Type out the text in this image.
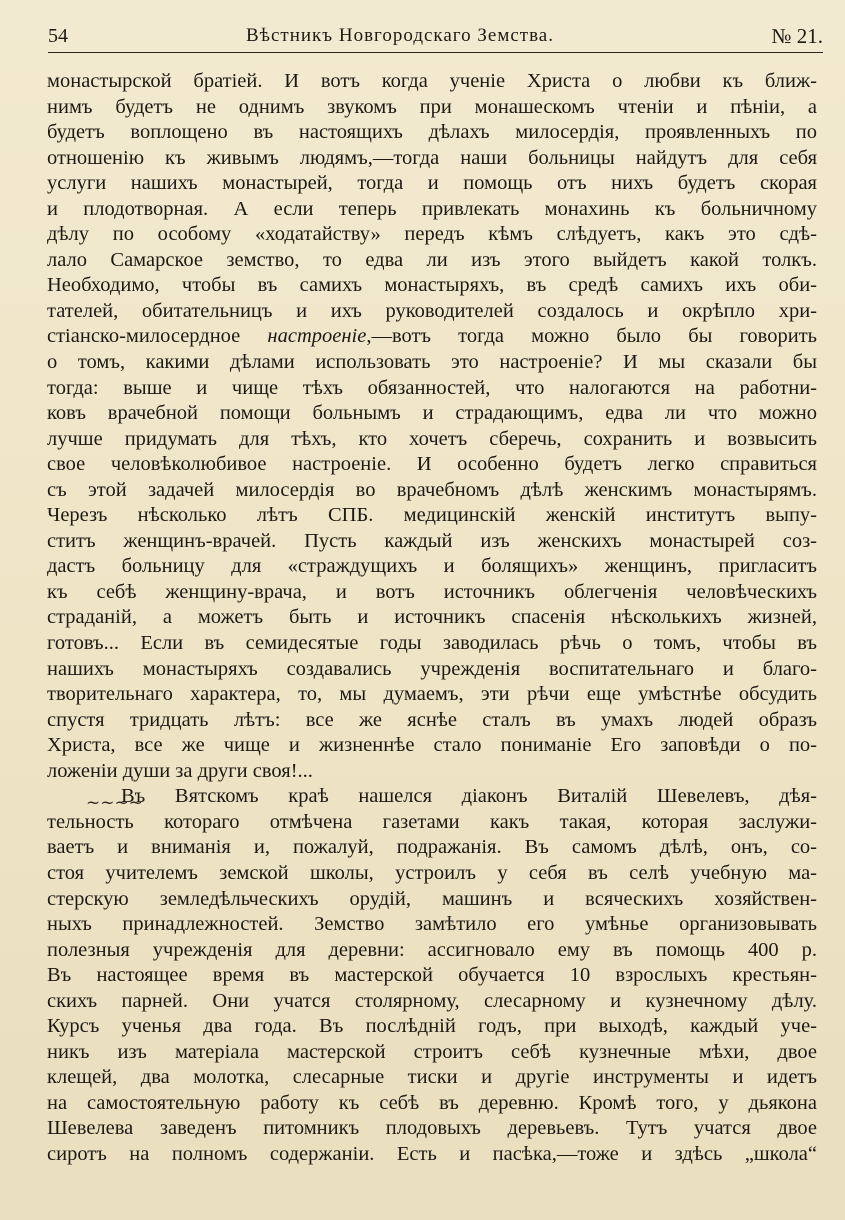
54	Вѣстникъ Новгородскаго Земства.	№ 21.
монастырской братіей. И вотъ когда ученіе Христа о любви къ ближ-
нимъ будетъ не однимъ звукомъ при монашескомъ чтеніи и пѣніи, а
будетъ воплощено въ настоящихъ дѣлахъ милосердія, проявленныхъ по
отношенію къ живымъ людямъ,—тогда наши больницы найдутъ для себя
услуги нашихъ монастырей, тогда и помощь отъ нихъ будетъ скорая
и плодотворная. А если теперь привлекать монахинь къ больничному
дѣлу по особому «ходатайству» передъ кѣмъ слѣдуетъ, какъ это сдѣ-
лало Самарское земство, то едва ли изъ этого выйдетъ какой толкъ.
Необходимо, чтобы въ самихъ монастыряхъ, въ средѣ самихъ ихъ оби-
тателей, обитательницъ и ихъ руководителей создалось и окрѣпло хри-
стіанско-милосердное настроеніе,—вотъ тогда можно было бы говорить
о томъ, какими дѣлами использовать это настроеніе? И мы сказали бы
тогда: выше и чище тѣхъ обязанностей, что налогаются на работни-
ковъ врачебной помощи больнымъ и страдающимъ, едва ли что можно
лучше придумать для тѣхъ, кто хочетъ сберечь, сохранить и возвысить
свое человѣколюбивое настроеніе. И особенно будетъ легко справиться
съ этой задачей милосердія во врачебномъ дѣлѣ женскимъ монастырямъ.
Черезъ нѣсколько лѣтъ СПБ. медицинскій женскій институтъ выпу-
ститъ женщинъ-врачей. Пусть каждый изъ женскихъ монастырей соз-
дастъ больницу для «страждущихъ и болящихъ» женщинъ, пригласитъ
къ себѣ женщину-врача, и вотъ источникъ облегченія человѣческихъ
страданій, а можетъ быть и источникъ спасенія нѣсколькихъ жизней,
готовъ... Если въ семидесятые годы заводилась рѣчь о томъ, чтобы въ
нашихъ монастыряхъ создавались учрежденія воспитательнаго и благо-
творительнаго характера, то, мы думаемъ, эти рѣчи еще умѣстнѣе обсудить
спустя тридцать лѣтъ: все же яснѣе сталъ въ умахъ людей образъ
Христа, все же чище и жизненнѣе стало пониманіе Его заповѣди о по-
ложеніи души за други своя!...
Въ Вятскомъ краѣ нашелся діаконъ Виталій Шевелевъ, дѣя-
тельность котораго отмѣчена газетами какъ такая, которая заслужи-
ваетъ и вниманія и, пожалуй, подражанія. Въ самомъ дѣлѣ, онъ, со-
стоя учителемъ земской школы, устроилъ у себя въ селѣ учебную ма-
стерскую земледѣльческихъ орудій, машинъ и всяческихъ хозяйствен-
ныхъ принадлежностей. Земство замѣтило его умѣнье организовывать
полезныя учрежденія для деревни: ассигновало ему въ помощь 400 р.
Въ настоящее время въ мастерской обучается 10 взрослыхъ крестьян-
скихъ парней. Они учатся столярному, слесарному и кузнечному дѣлу.
Курсъ ученья два года. Въ послѣдній годъ, при выходѣ, каждый уче-
никъ изъ матеріала мастерской строитъ себѣ кузнечные мѣхи, двое
клещей, два молотка, слесарные тиски и другіе инструменты и идетъ
на самостоятельную работу къ себѣ въ деревню. Кромѣ того, у дьякона
Шевелева заведенъ питомникъ плодовыхъ деревьевъ. Тутъ учатся двое
сиротъ на полномъ содержаніи. Есть и пасѣка,—тоже и здѣсь „школа“
~~~~
